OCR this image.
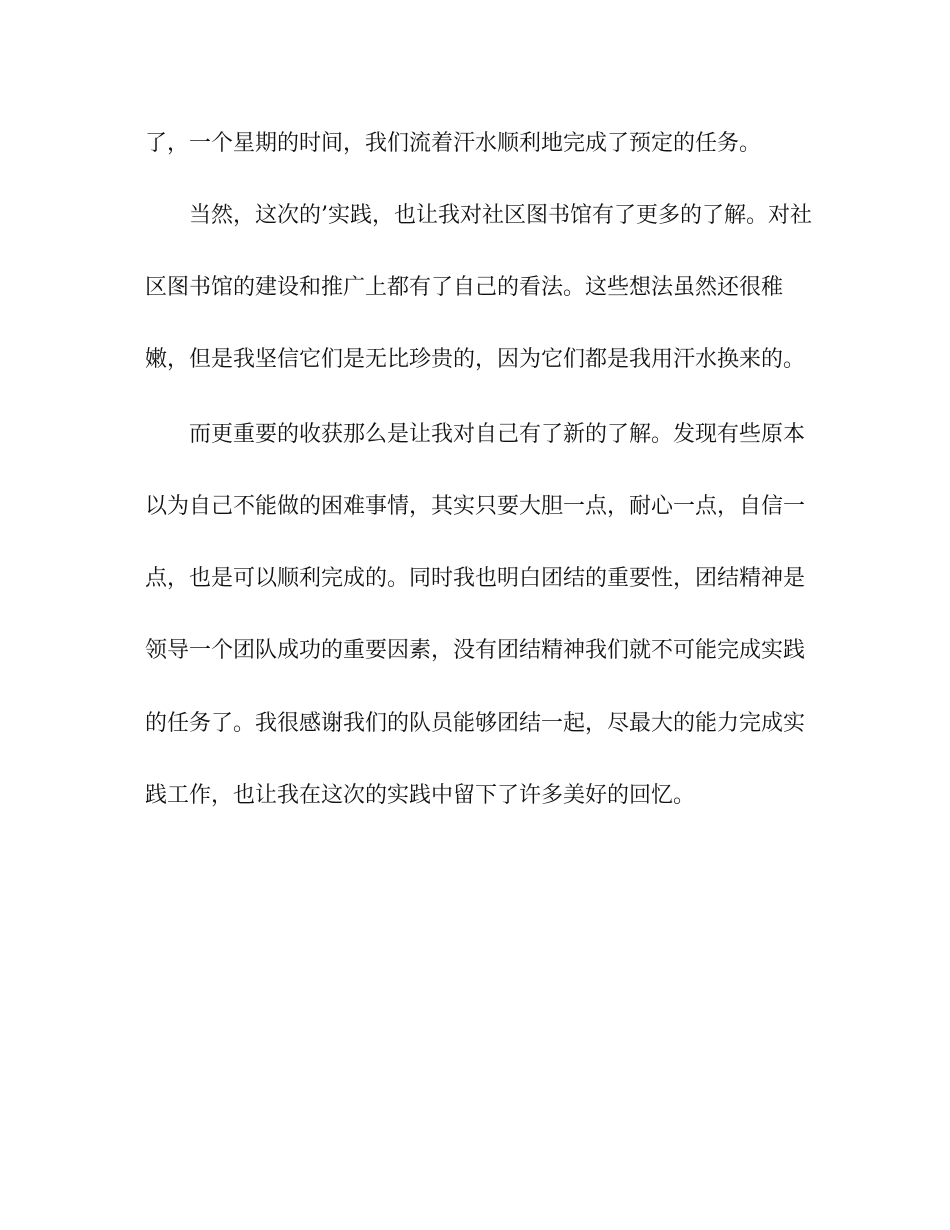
了，一个星期的时间，我们流着汗水顺利地完成了预定的任务。
当然，这次的’实践，也让我对社区图书馆有了更多的了解。对社
区图书馆的建设和推广上都有了自己的看法。这些想法虽然还很稚
嫩，但是我坚信它们是无比珍贵的，因为它们都是我用汗水换来的。
而更重要的收获那么是让我对自己有了新的了解。发现有些原本
以为自己不能做的困难事情，其实只要大胆一点，耐心一点，自信一
点，也是可以顺利完成的。同时我也明白团结的重要性，团结精神是
领导一个团队成功的重要因素，没有团结精神我们就不可能完成实践
的任务了。我很感谢我们的队员能够团结一起，尽最大的能力完成实
践工作，也让我在这次的实践中留下了许多美好的回忆。
